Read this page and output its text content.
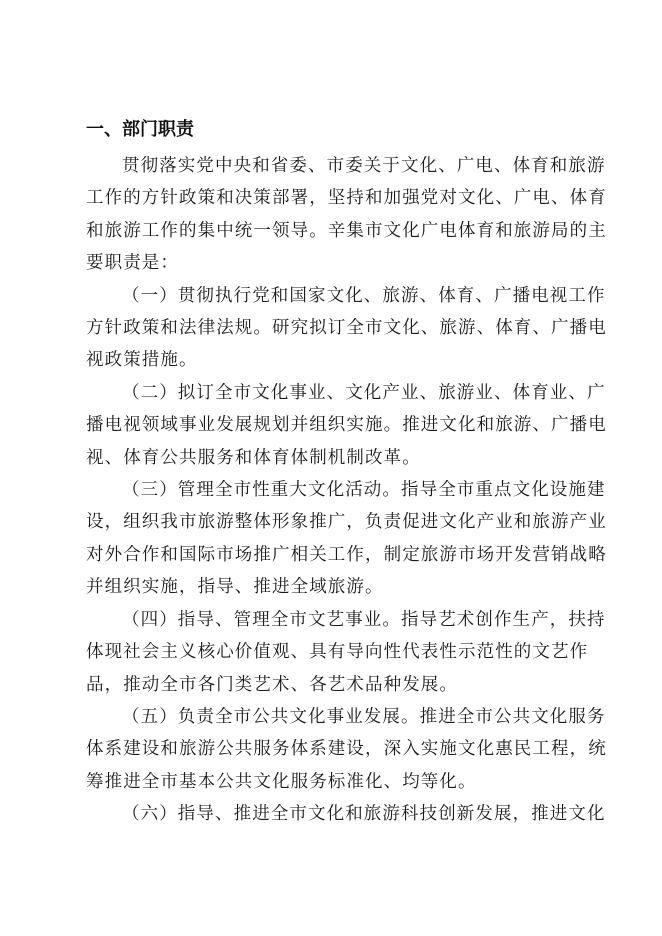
一、部门职责

贯彻落实党中央和省委、市委关于文化、广电、体育和旅游
工作的方针政策和决策部署，坚持和加强党对文化、广电、体育
和旅游工作的集中统一领导。辛集市文化广电体育和旅游局的主
要职责是：

（一）贯彻执行党和国家文化、旅游、体育、广播电视工作
方针政策和法律法规。研究拟订全市文化、旅游、体育、广播电
视政策措施。

（二）拟订全市文化事业、文化产业、旅游业、体育业、广
播电视领域事业发展规划并组织实施。推进文化和旅游、广播电
视、体育公共服务和体育体制机制改革。

（三）管理全市性重大文化活动。指导全市重点文化设施建
设，组织我市旅游整体形象推广，负责促进文化产业和旅游产业
对外合作和国际市场推广相关工作，制定旅游市场开发营销战略
并组织实施，指导、推进全域旅游。

（四）指导、管理全市文艺事业。指导艺术创作生产，扶持
体现社会主义核心价值观、具有导向性代表性示范性的文艺作
品，推动全市各门类艺术、各艺术品种发展。

（五）负责全市公共文化事业发展。推进全市公共文化服务
体系建设和旅游公共服务体系建设，深入实施文化惠民工程，统
筹推进全市基本公共文化服务标准化、均等化。

（六）指导、推进全市文化和旅游科技创新发展，推进文化
